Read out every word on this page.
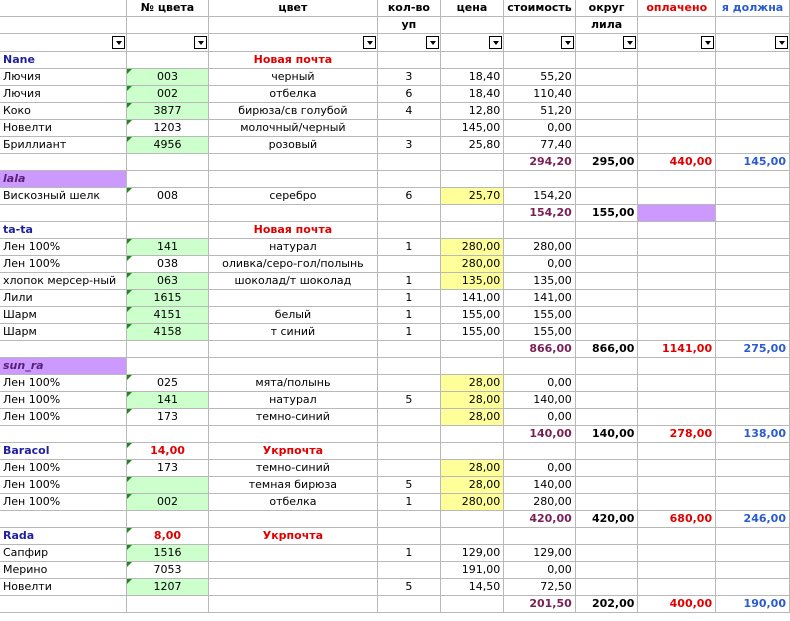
	№ цвета	цвет	кол-во	цена	стоимость	округ	оплачено	я должна
			уп			лила		

Nane		Новая почта						
Лючия	003	черный	3	18,40	55,20			
Лючия	002	отбелка	6	18,40	110,40			
Коко	3877	бирюза/св голубой	4	12,80	51,20			
Новелти	1203	молочный/черный		145,00	0,00			
Бриллиант	4956	розовый	3	25,80	77,40			
					294,20	295,00	440,00	145,00
lala								
Вискозный шелк	008	серебро	6	25,70	154,20			
					154,20	155,00		
ta-ta		Новая почта						
Лен 100%	141	натурал	1	280,00	280,00			
Лен 100%	038	оливка/серо-гол/полынь		280,00	0,00			
хлопок мерсер-ный	063	шоколад/т шоколад	1	135,00	135,00			
Лили	1615		1	141,00	141,00			
Шарм	4151	белый	1	155,00	155,00			
Шарм	4158	т синий	1	155,00	155,00			
					866,00	866,00	1141,00	275,00
sun_ra								
Лен 100%	025	мята/полынь		28,00	0,00			
Лен 100%	141	натурал	5	28,00	140,00			
Лен 100%	173	темно-синий		28,00	0,00			
					140,00	140,00	278,00	138,00
Baracol	14,00	Укрпочта						
Лен 100%	173	темно-синий		28,00	0,00			
Лен 100%		темная бирюза	5	28,00	140,00			
Лен 100%	002	отбелка	1	280,00	280,00			
					420,00	420,00	680,00	246,00
Rada	8,00	Укрпочта						
Сапфир	1516		1	129,00	129,00			
Мерино	7053			191,00	0,00			
Новелти	1207		5	14,50	72,50			
					201,50	202,00	400,00	190,00
